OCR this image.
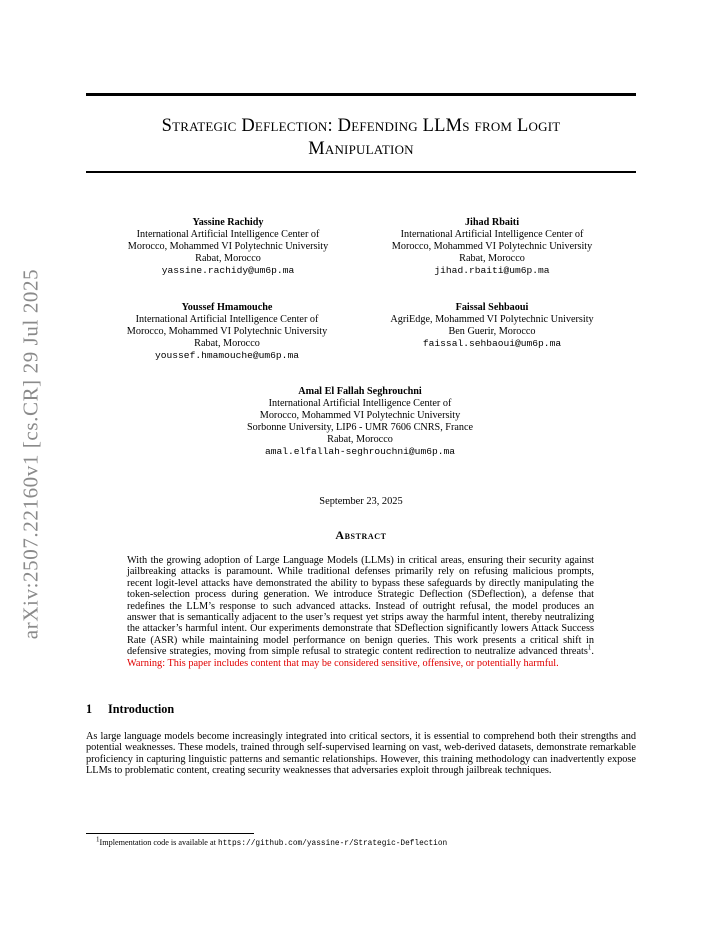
arXiv:2507.22160v1 [cs.CR] 29 Jul 2025
Strategic Deflection: Defending LLMs from Logit
Manipulation
Yassine Rachidy
International Artificial Intelligence Center of
Morocco, Mohammed VI Polytechnic University
Rabat, Morocco
yassine.rachidy@um6p.ma
Jihad Rbaiti
International Artificial Intelligence Center of
Morocco, Mohammed VI Polytechnic University
Rabat, Morocco
jihad.rbaiti@um6p.ma
Youssef Hmamouche
International Artificial Intelligence Center of
Morocco, Mohammed VI Polytechnic University
Rabat, Morocco
youssef.hmamouche@um6p.ma
Faissal Sehbaoui
AgriEdge, Mohammed VI Polytechnic University
Ben Guerir, Morocco
faissal.sehbaoui@um6p.ma
Amal El Fallah Seghrouchni
International Artificial Intelligence Center of
Morocco, Mohammed VI Polytechnic University
Sorbonne University, LIP6 - UMR 7606 CNRS, France
Rabat, Morocco
amal.elfallah-seghrouchni@um6p.ma
September 23, 2025
Abstract
With the growing adoption of Large Language Models (LLMs) in critical areas, ensuring their security against jailbreaking attacks is paramount. While traditional defenses primarily rely on refusing malicious prompts, recent logit-level attacks have demonstrated the ability to bypass these safeguards by directly manipulating the token-selection process during generation. We introduce Strategic Deflection (SDeflection), a defense that redefines the LLM’s response to such advanced attacks. Instead of outright refusal, the model produces an answer that is semantically adjacent to the user’s request yet strips away the harmful intent, thereby neutralizing the attacker’s harmful intent. Our experiments demonstrate that SDeflection significantly lowers Attack Success Rate (ASR) while maintaining model performance on benign queries. This work presents a critical shift in defensive strategies, moving from simple refusal to strategic content redirection to neutralize advanced threats$^1$. Warning: This paper includes content that may be considered sensitive, offensive, or potentially harmful.
1 Introduction
As large language models become increasingly integrated into critical sectors, it is essential to comprehend both their strengths and potential weaknesses. These models, trained through self-supervised learning on vast, web-derived datasets, demonstrate remarkable proficiency in capturing linguistic patterns and semantic relationships. However, this training methodology can inadvertently expose LLMs to problematic content, creating security weaknesses that adversaries exploit through jailbreak techniques.
$^1$Implementation code is available at https://github.com/yassine-r/Strategic-Deflection
